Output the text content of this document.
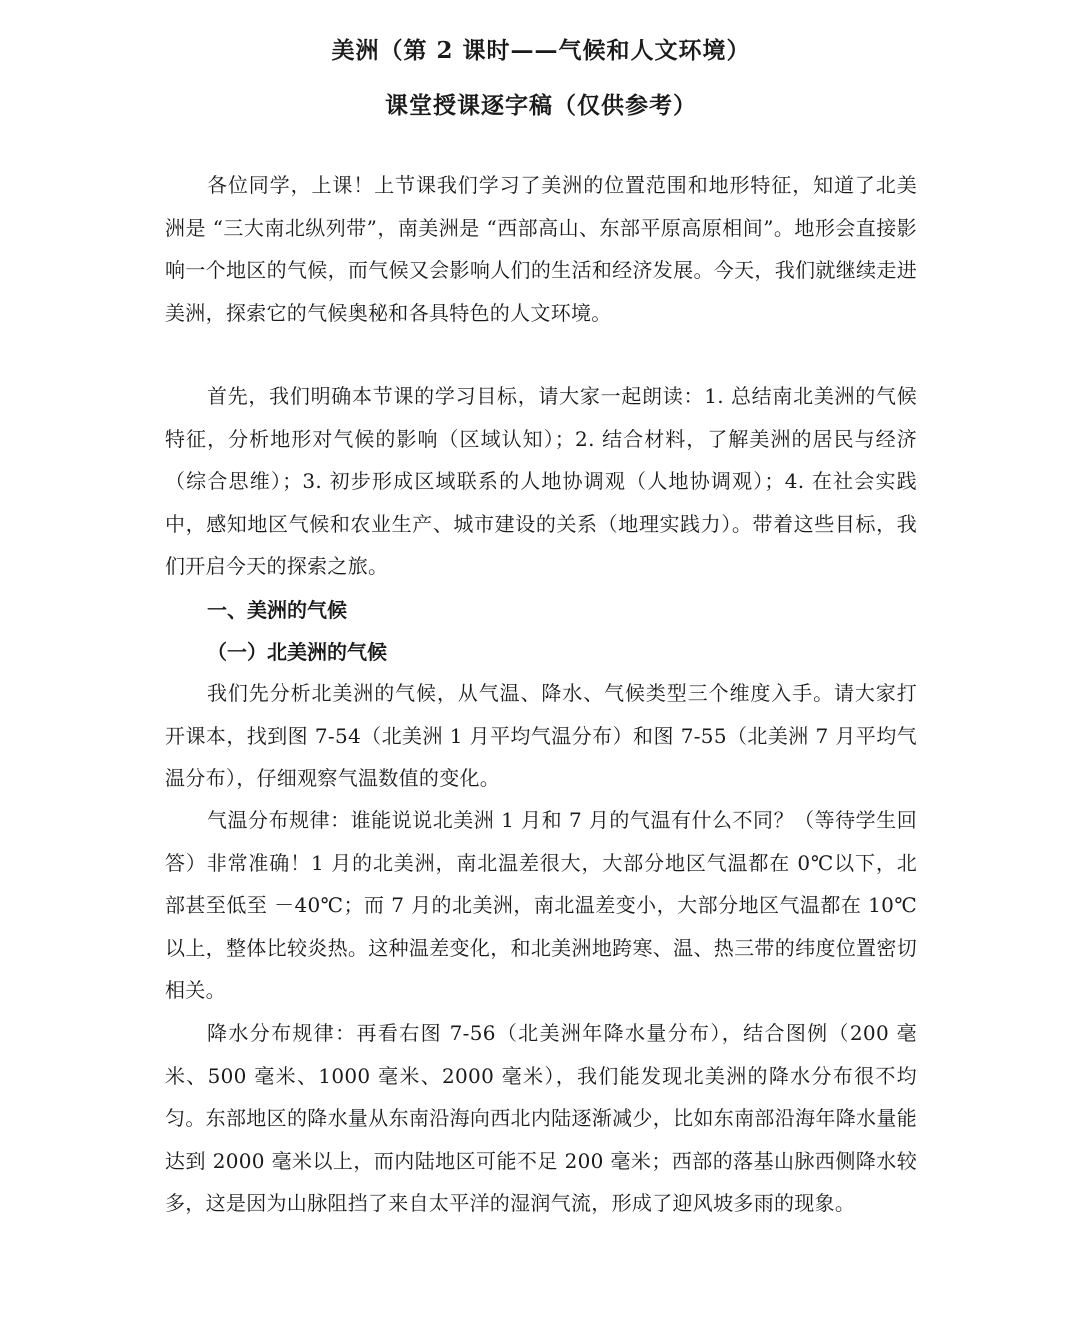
美洲（第 2 课时——气候和人文环境）
课堂授课逐字稿（仅供参考）

各位同学，上课！上节课我们学习了美洲的位置范围和地形特征，知道了北美洲是 “三大南北纵列带”，南美洲是 “西部高山、东部平原高原相间”。地形会直接影响一个地区的气候，而气候又会影响人们的生活和经济发展。今天，我们就继续走进美洲，探索它的气候奥秘和各具特色的人文环境。

首先，我们明确本节课的学习目标，请大家一起朗读：1. 总结南北美洲的气候特征，分析地形对气候的影响（区域认知）；2. 结合材料，了解美洲的居民与经济（综合思维）；3. 初步形成区域联系的人地协调观（人地协调观）；4. 在社会实践中，感知地区气候和农业生产、城市建设的关系（地理实践力）。带着这些目标，我们开启今天的探索之旅。

一、美洲的气候
（一）北美洲的气候

我们先分析北美洲的气候，从气温、降水、气候类型三个维度入手。请大家打开课本，找到图 7-54（北美洲 1 月平均气温分布）和图 7-55（北美洲 7 月平均气温分布），仔细观察气温数值的变化。

气温分布规律：谁能说说北美洲 1 月和 7 月的气温有什么不同？（等待学生回答）非常准确！1 月的北美洲，南北温差很大，大部分地区气温都在 0℃以下，北部甚至低至 －40℃；而 7 月的北美洲，南北温差变小，大部分地区气温都在 10℃以上，整体比较炎热。这种温差变化，和北美洲地跨寒、温、热三带的纬度位置密切相关。

降水分布规律：再看右图 7-56（北美洲年降水量分布），结合图例（200 毫米、500 毫米、1000 毫米、2000 毫米），我们能发现北美洲的降水分布很不均匀。东部地区的降水量从东南沿海向西北内陆逐渐减少，比如东南部沿海年降水量能达到 2000 毫米以上，而内陆地区可能不足 200 毫米；西部的落基山脉西侧降水较多，这是因为山脉阻挡了来自太平洋的湿润气流，形成了迎风坡多雨的现象。
